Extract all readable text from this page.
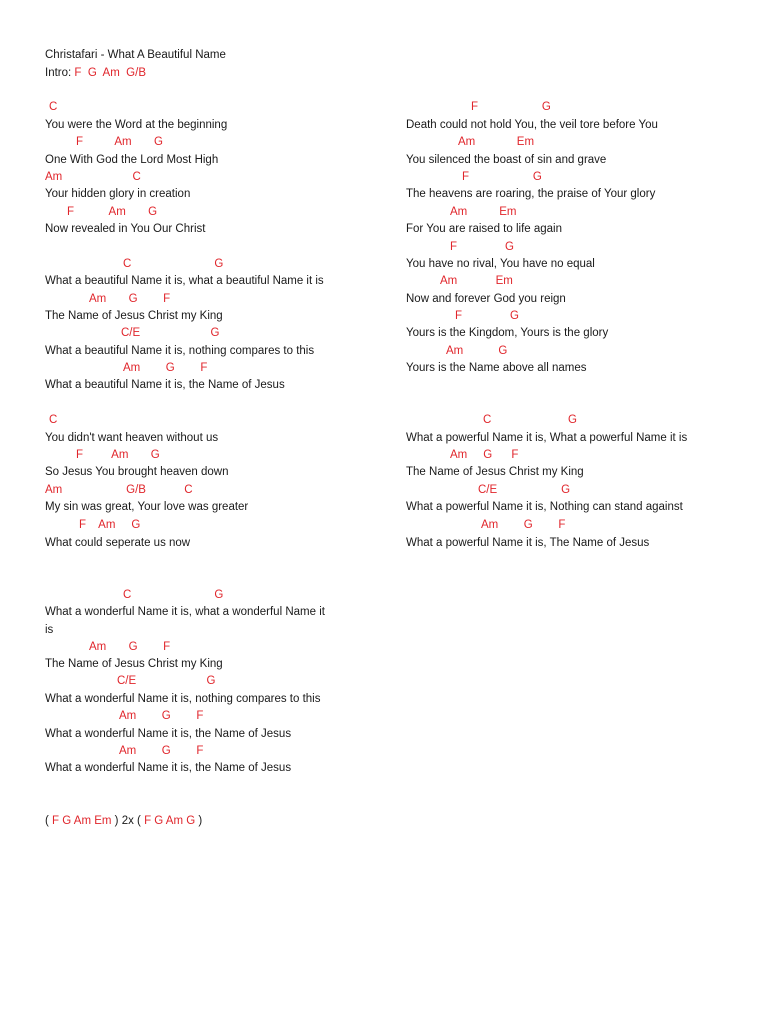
Christafari - What A Beautiful Name
Intro: F  G  Am  G/B
C
You were the Word at the beginning
F          Am       G
One With God the Lord Most High
Am                      C
Your hidden glory in creation
F           Am       G
Now revealed in You Our Christ
C                          G
What a beautiful Name it is, what a beautiful Name it is
Am       G        F
The Name of Jesus Christ my King
C/E                      G
What a beautiful Name it is, nothing compares to this
Am        G        F
What a beautiful Name it is, the Name of Jesus
C
You didn't want heaven without us
F         Am       G
So Jesus You brought heaven down
Am                    G/B            C
My sin was great, Your love was greater
F    Am     G
What could seperate us now
C                          G
What a wonderful Name it is, what a wonderful Name it
is
Am       G        F
The Name of Jesus Christ my King
C/E                      G
What a wonderful Name it is, nothing compares to this
Am        G        F
What a wonderful Name it is, the Name of Jesus
Am        G        F
What a wonderful Name it is, the Name of Jesus
( F G Am Em ) 2x ( F G Am G )
F                    G
Death could not hold You, the veil tore before You
Am             Em
You silenced the boast of sin and grave
F                    G
The heavens are roaring, the praise of Your glory
Am          Em
For You are raised to life again
F               G
You have no rival, You have no equal
Am            Em
Now and forever God you reign
F               G
Yours is the Kingdom, Yours is the glory
Am           G
Yours is the Name above all names
C                        G
What a powerful Name it is, What a powerful Name it is
Am     G      F
The Name of Jesus Christ my King
C/E                    G
What a powerful Name it is, Nothing can stand against
Am        G        F
What a powerful Name it is, The Name of Jesus
